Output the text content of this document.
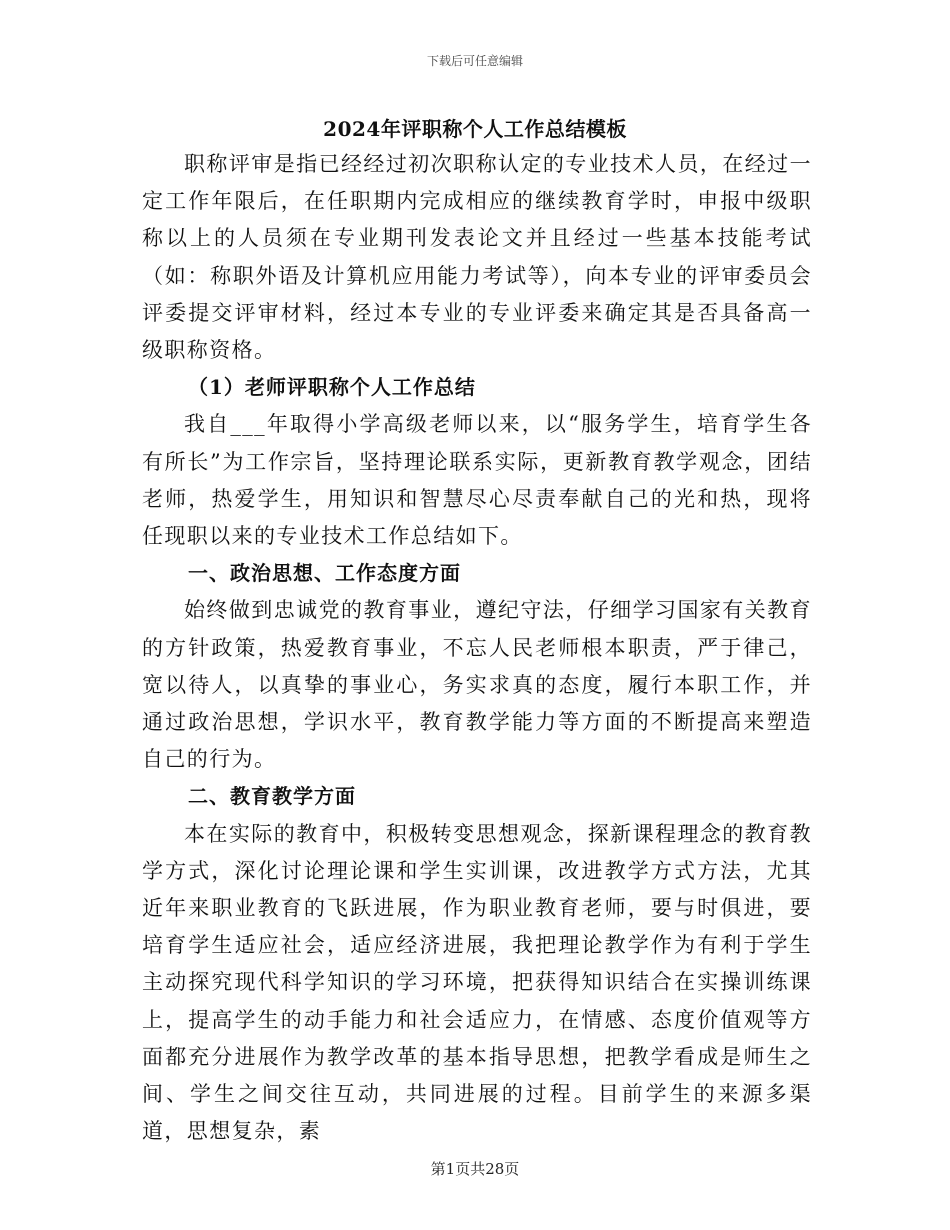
下载后可任意编辑
2024年评职称个人工作总结模板

职称评审是指已经经过初次职称认定的专业技术人员，在经过一定工作年限后，在任职期内完成相应的继续教育学时，申报中级职称以上的人员须在专业期刊发表论文并且经过一些基本技能考试（如：称职外语及计算机应用能力考试等），向本专业的评审委员会评委提交评审材料，经过本专业的专业评委来确定其是否具备高一级职称资格。

（1）老师评职称个人工作总结

我自___年取得小学高级老师以来，以“服务学生，培育学生各有所长”为工作宗旨，坚持理论联系实际，更新教育教学观念，团结老师，热爱学生，用知识和智慧尽心尽责奉献自己的光和热，现将任现职以来的专业技术工作总结如下。

一、政治思想、工作态度方面

始终做到忠诚党的教育事业，遵纪守法，仔细学习国家有关教育的方针政策，热爱教育事业，不忘人民老师根本职责，严于律己，宽以待人，以真挚的事业心，务实求真的态度，履行本职工作，并通过政治思想，学识水平，教育教学能力等方面的不断提高来塑造自己的行为。

二、教育教学方面

本在实际的教育中，积极转变思想观念，探新课程理念的教育教学方式，深化讨论理论课和学生实训课，改进教学方式方法，尤其近年来职业教育的飞跃进展，作为职业教育老师，要与时俱进，要培育学生适应社会，适应经济进展，我把理论教学作为有利于学生主动探究现代科学知识的学习环境，把获得知识结合在实操训练课上，提高学生的动手能力和社会适应力，在情感、态度价值观等方面都充分进展作为教学改革的基本指导思想，把教学看成是师生之间、学生之间交往互动，共同进展的过程。目前学生的来源多渠道，思想复杂，素

第1页共28页
